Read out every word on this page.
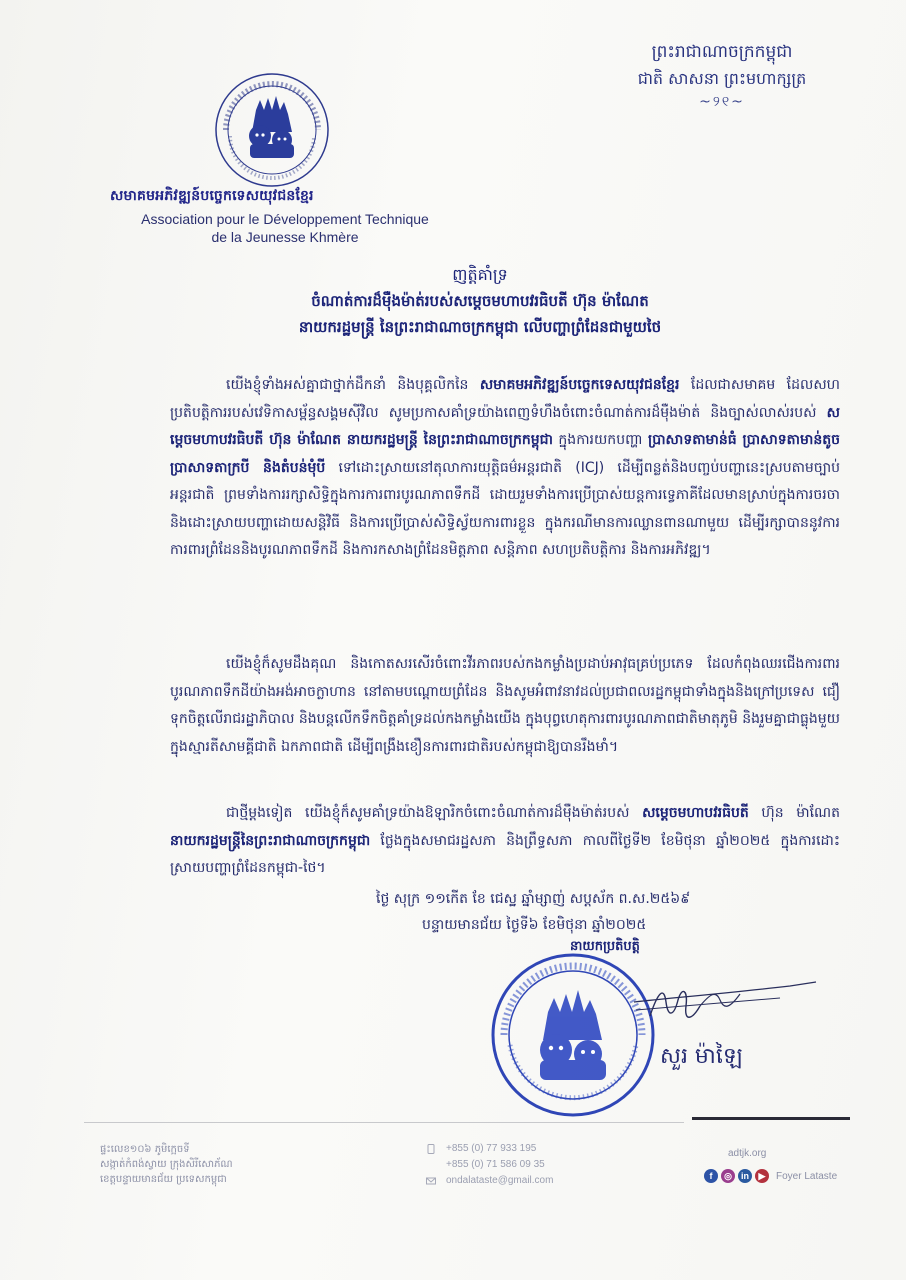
សមាគមអភិវឌ្ឍន៍បច្ចេកទេសយុវជនខ្មែរ
Association pour le Développement Technique
de la Jeunesse Khmère
ព្រះរាជាណាចក្រកម្ពុជា
ជាតិ សាសនា ព្រះមហាក្សត្រ
~୨୧~
ញត្តិគាំទ្រ
ចំណាត់ការដ៏ម៉ឺងម៉ាត់របស់សម្តេចមហាបវរធិបតី ហ៊ុន ម៉ាណែត
នាយករដ្ឋមន្ត្រី នៃព្រះរាជាណាចក្រកម្ពុជា លើបញ្ហាព្រំដែនជាមួយថៃ
យើងខ្ញុំទាំងអស់គ្នាជាថ្នាក់ដឹកនាំ និងបុគ្គលិកនៃ សមាគមអភិវឌ្ឍន៍បច្ចេកទេសយុវជនខ្មែរ ដែលជាសមាគម ដែលសហប្រតិបត្តិការរបស់វេទិកាសម្ព័ន្ធសង្គមស៊ីវិល សូមប្រកាសគាំទ្រយ៉ាងពេញទំហឹងចំពោះចំណាត់ការដ៏ម៉ឺងម៉ាត់ និងច្បាស់លាស់របស់ សម្តេចមហាបវរធិបតី ហ៊ុន ម៉ាណែត នាយករដ្ឋមន្ត្រី នៃព្រះរាជាណាចក្រកម្ពុជា ក្នុងការយកបញ្ហា ប្រាសាទតាមាន់ធំ ប្រាសាទតាមាន់តូច ប្រាសាទតាក្របី និងតំបន់មុំបី ទៅដោះស្រាយនៅតុលាការយុត្តិធម៌អន្តរជាតិ (ICJ) ដើម្បីពន្លត់និងបញ្ចប់បញ្ហានេះស្របតាមច្បាប់អន្តរជាតិ ព្រមទាំងការរក្សាសិទ្ធិក្នុងការការពារបូរណភាពទឹកដី ដោយរួមទាំងការប្រើប្រាស់យន្តការទ្វេភាគីដែលមានស្រាប់ក្នុងការចរចានិងដោះស្រាយបញ្ហាដោយសន្តិវិធី និងការប្រើប្រាស់សិទ្ធិស្វ័យការពារខ្លួន ក្នុងករណីមានការឈ្លានពានណាមួយ ដើម្បីរក្សាបាននូវការការពារព្រំដែននិងបូរណភាពទឹកដី និងការកសាងព្រំដែនមិត្តភាព សន្តិភាព សហប្រតិបត្តិការ និងការអភិវឌ្ឍ។
យើងខ្ញុំក៏សូមដឹងគុណ និងកោតសរសើរចំពោះវីរភាពរបស់កងកម្លាំងប្រដាប់អាវុធគ្រប់ប្រភេទ ដែលកំពុងឈរជើងការពារបូរណភាពទឹកដីយ៉ាងអង់អាចក្លាហាន នៅតាមបណ្តោយព្រំដែន និងសូមអំពាវនាវដល់ប្រជាពលរដ្ឋកម្ពុជាទាំងក្នុងនិងក្រៅប្រទេស ជឿទុកចិត្តលើរាជរដ្ឋាភិបាល និងបន្តលើកទឹកចិត្តគាំទ្រដល់កងកម្លាំងយើង ក្នុងបុព្វហេតុការពារបូរណភាពជាតិមាតុភូមិ និងរួមគ្នាជាធ្លុងមួយក្នុងស្មារតីសាមគ្គីជាតិ ឯកភាពជាតិ ដើម្បីពង្រឹងខឿនការពារជាតិរបស់កម្ពុជាឱ្យបានរឹងមាំ។
ជាថ្មីម្តងទៀត យើងខ្ញុំក៏សូមគាំទ្រយ៉ាងឱឡារិកចំពោះចំណាត់ការដ៏ម៉ឺងម៉ាត់របស់ សម្តេចមហាបវរធិបតី ហ៊ុន ម៉ាណែត នាយករដ្ឋមន្ត្រីនៃព្រះរាជាណាចក្រកម្ពុជា ថ្លែងក្នុងសមាជរដ្ឋសភា និងព្រឹទ្ធសភា កាលពីថ្ងៃទី២ ខែមិថុនា ឆ្នាំ២០២៥ ក្នុងការដោះស្រាយបញ្ហាព្រំដែនកម្ពុជា-ថៃ។
ថ្ងៃ សុក្រ ១១កើត ខែ ជេស្ឋ ឆ្នាំម្សាញ់ សប្តស័ក ព.ស.២៥៦៩
បន្ទាយមានជ័យ ថ្ងៃទី៦ ខែមិថុនា ឆ្នាំ២០២៥
នាយកប្រតិបត្តិ
សួរ ម៉ាឡៃ
ផ្ទះលេខ១០៦ ភូមិក្អេចទី
សង្កាត់កំពង់ស្វាយ ក្រុងសិរីសោភ័ណ
ខេត្តបន្ទាយមានជ័យ ប្រទេសកម្ពុជា
+855 (0) 77 933 195
+855 (0) 71 586 09 35
ondalataste@gmail.com
adtjk.org
f	◎	in	▶	Foyer Lataste
